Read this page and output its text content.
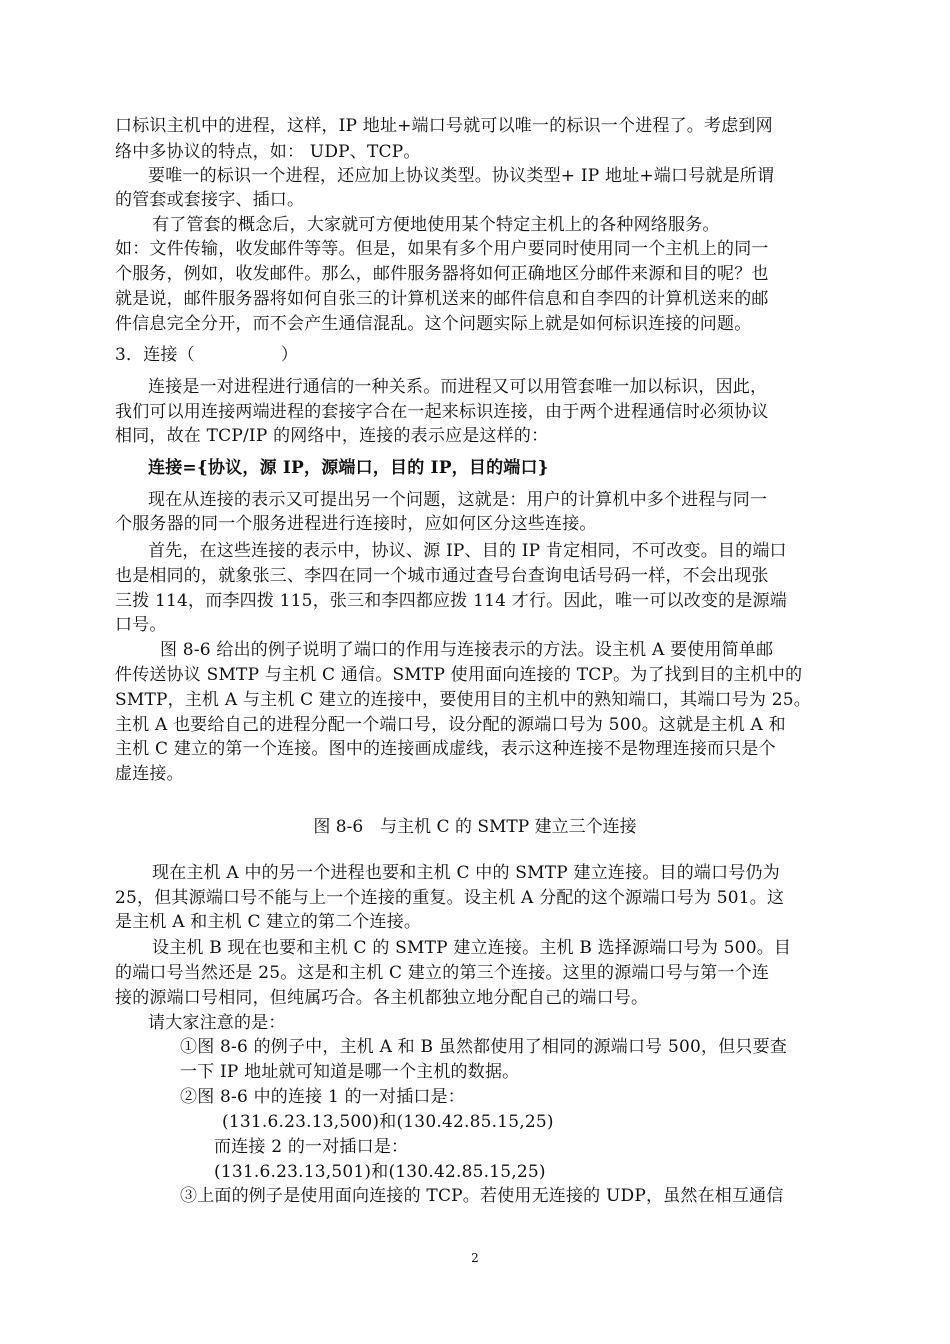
口标识主机中的进程，这样，IP 地址+端口号就可以唯一的标识一个进程了。考虑到网
络中多协议的特点，如： UDP、TCP。
要唯一的标识一个进程，还应加上协议类型。协议类型+ IP 地址+端口号就是所谓
的管套或套接字、插口。
有了管套的概念后，大家就可方便地使用某个特定主机上的各种网络服务。
如：文件传输，收发邮件等等。但是，如果有多个用户要同时使用同一个主机上的同一
个服务，例如，收发邮件。那么，邮件服务器将如何正确地区分邮件来源和目的呢？也
就是说，邮件服务器将如何自张三的计算机送来的邮件信息和自李四的计算机送来的邮
件信息完全分开，而不会产生通信混乱。这个问题实际上就是如何标识连接的问题。
3．连接（　　　　　）
连接是一对进程进行通信的一种关系。而进程又可以用管套唯一加以标识，因此，
我们可以用连接两端进程的套接字合在一起来标识连接，由于两个进程通信时必须协议
相同，故在 TCP/IP 的网络中，连接的表示应是这样的：
连接={协议，源 IP，源端口，目的 IP，目的端口}
现在从连接的表示又可提出另一个问题，这就是：用户的计算机中多个进程与同一
个服务器的同一个服务进程进行连接时，应如何区分这些连接。
首先，在这些连接的表示中，协议、源 IP、目的 IP 肯定相同，不可改变。目的端口
也是相同的，就象张三、李四在同一个城市通过查号台查询电话号码一样，不会出现张
三拨 114，而李四拨 115，张三和李四都应拨 114 才行。因此，唯一可以改变的是源端
口号。
图 8-6 给出的例子说明了端口的作用与连接表示的方法。设主机 A 要使用简单邮
件传送协议 SMTP 与主机 C 通信。SMTP 使用面向连接的 TCP。为了找到目的主机中的
SMTP，主机 A 与主机 C 建立的连接中，要使用目的主机中的熟知端口，其端口号为 25。
主机 A 也要给自己的进程分配一个端口号，设分配的源端口号为 500。这就是主机 A 和
主机 C 建立的第一个连接。图中的连接画成虚线，表示这种连接不是物理连接而只是个
虚连接。
图 8-6　与主机 C 的 SMTP 建立三个连接
现在主机 A 中的另一个进程也要和主机 C 中的 SMTP 建立连接。目的端口号仍为
25，但其源端口号不能与上一个连接的重复。设主机 A 分配的这个源端口号为 501。这
是主机 A 和主机 C 建立的第二个连接。
设主机 B 现在也要和主机 C 的 SMTP 建立连接。主机 B 选择源端口号为 500。目
的端口号当然还是 25。这是和主机 C 建立的第三个连接。这里的源端口号与第一个连
接的源端口号相同，但纯属巧合。各主机都独立地分配自己的端口号。
请大家注意的是：
①图 8-6 的例子中，主机 A 和 B 虽然都使用了相同的源端口号 500，但只要查
一下 IP 地址就可知道是哪一个主机的数据。
②图 8-6 中的连接 1 的一对插口是：
(131.6.23.13,500)和(130.42.85.15,25)
而连接 2 的一对插口是：
(131.6.23.13,501)和(130.42.85.15,25)
③上面的例子是使用面向连接的 TCP。若使用无连接的 UDP，虽然在相互通信
2
